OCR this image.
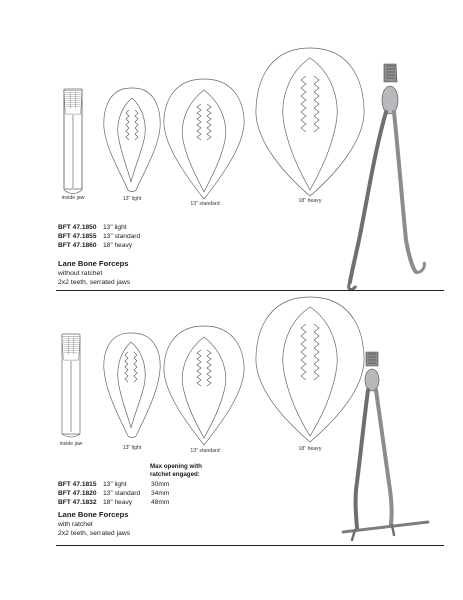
inside jaw	13" light
13" standard	18" heavy
BFT 47.1850 13" light
BFT 47.1855 13" standard
BFT 47.1860 18" heavy
Lane Bone Forceps
without ratchet
2x2 teeth, serrated jaws
inside jaw
13" light	13" standard	18" heavy
Max opening with ratchet engaged:
BFT 47.1815 13" light	30mm
BFT 47.1820 13" standard	34mm
BFT 47.1832 18" heavy	48mm
Lane Bone Forceps
with ratchet
2x2 teeth, serrated jaws
